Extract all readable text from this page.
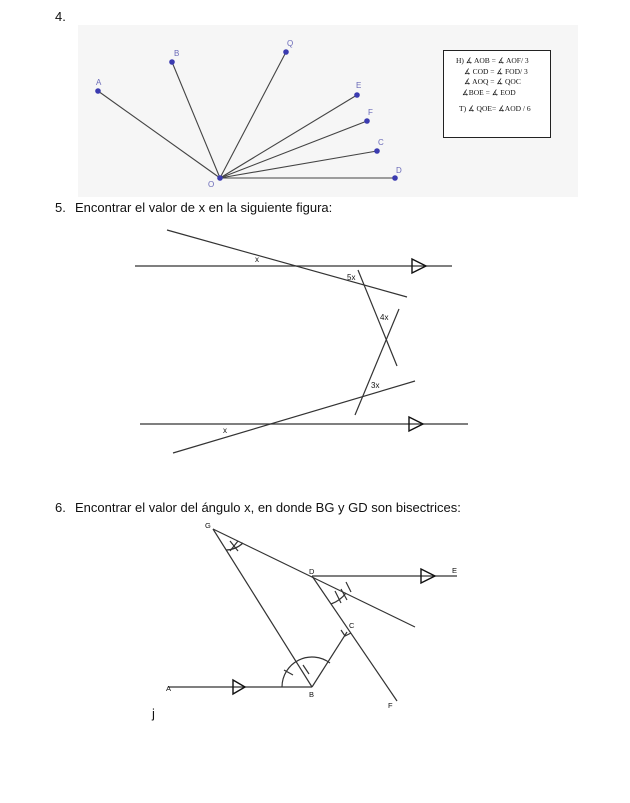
4.
A
B
Q
E
F
C
D
O
H) ∡ AOB = ∡ AOF/ 3
∡ COD = ∡ FOD/ 3
∡ AOQ = ∡ QOC
∡BOE = ∡ EOD
T) ∡ QOE= ∡AOD / 6
5. Encontrar el valor de x en la siguiente figura:
x
5x
4x
3x
x
6. Encontrar el valor del ángulo x, en donde BG y GD son bisectrices:
G
D	E
C
A
B
F
j
